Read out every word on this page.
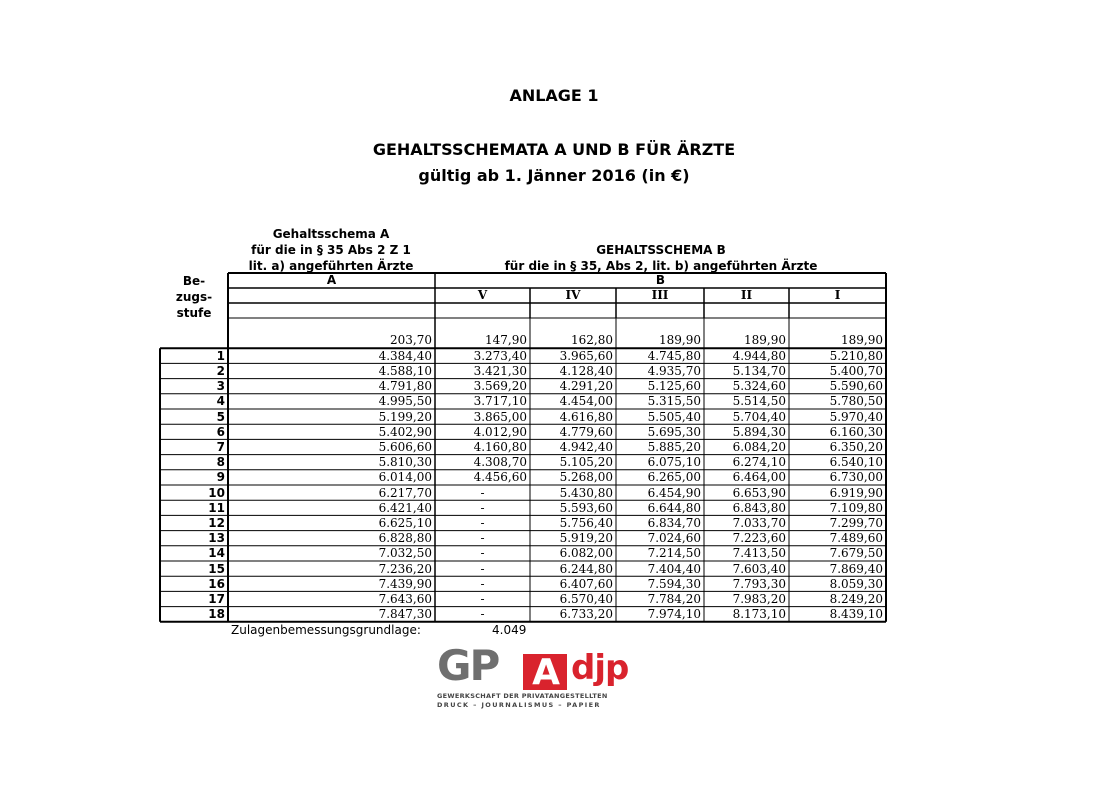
ANLAGE 1
GEHALTSSCHEMATA A UND B FÜR ÄRZTE
gültig ab 1. Jänner 2016 (in €)
Gehaltsschema A
für die in § 35 Abs 2 Z 1
lit. a) angeführten Ärzte
GEHALTSSCHEMA B
für die in § 35, Abs 2, lit. b) angeführten Ärzte
Be-
zugs-
stufe
A	B
V	IV	III	II	I
203,70	147,90	162,80	189,90	189,90	189,90
1	4.384,40	3.273,40	3.965,60	4.745,80	4.944,80	5.210,80
2	4.588,10	3.421,30	4.128,40	4.935,70	5.134,70	5.400,70
3	4.791,80	3.569,20	4.291,20	5.125,60	5.324,60	5.590,60
4	4.995,50	3.717,10	4.454,00	5.315,50	5.514,50	5.780,50
5	5.199,20	3.865,00	4.616,80	5.505,40	5.704,40	5.970,40
6	5.402,90	4.012,90	4.779,60	5.695,30	5.894,30	6.160,30
7	5.606,60	4.160,80	4.942,40	5.885,20	6.084,20	6.350,20
8	5.810,30	4.308,70	5.105,20	6.075,10	6.274,10	6.540,10
9	6.014,00	4.456,60	5.268,00	6.265,00	6.464,00	6.730,00
10	6.217,70	-	5.430,80	6.454,90	6.653,90	6.919,90
11	6.421,40	-	5.593,60	6.644,80	6.843,80	7.109,80
12	6.625,10	-	5.756,40	6.834,70	7.033,70	7.299,70
13	6.828,80	-	5.919,20	7.024,60	7.223,60	7.489,60
14	7.032,50	-	6.082,00	7.214,50	7.413,50	7.679,50
15	7.236,20	-	6.244,80	7.404,40	7.603,40	7.869,40
16	7.439,90	-	6.407,60	7.594,30	7.793,30	8.059,30
17	7.643,60	-	6.570,40	7.784,20	7.983,20	8.249,20
18	7.847,30	-	6.733,20	7.974,10	8.173,10	8.439,10
Zulagenbemessungsgrundlage:	4.049
GP A djp
GEWERKSCHAFT DER PRIVATANGESTELLTEN
DRUCK – JOURNALISMUS – PAPIER
